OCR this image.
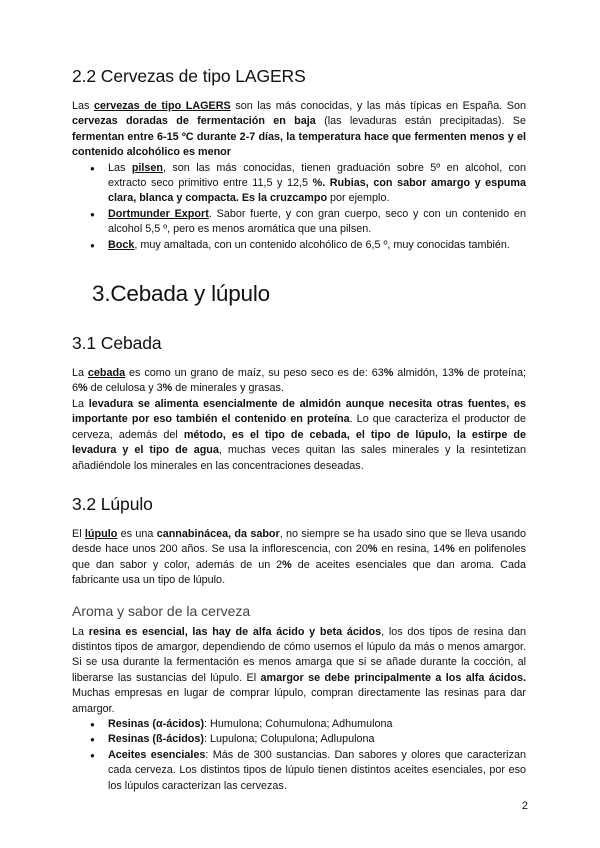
2.2 Cervezas de tipo LAGERS

Las cervezas de tipo LAGERS son las más conocidas, y las más típicas en España. Son cervezas doradas de fermentación en baja (las levaduras están precipitadas). Se fermentan entre 6-15 ºC durante 2-7 días, la temperatura hace que fermenten menos y el contenido alcohólico es menor

● Las pilsen, son las más conocidas, tienen graduación sobre 5º en alcohol, con extracto seco primitivo entre 11,5 y 12,5 %. Rubias, con sabor amargo y espuma clara, blanca y compacta. Es la cruzcampo por ejemplo.
● Dortmunder Export. Sabor fuerte, y con gran cuerpo, seco y con un contenido en alcohol 5,5 º, pero es menos aromática que una pilsen.
● Bock, muy amaltada, con un contenido alcohólico de 6,5 º, muy conocidas también.
3.Cebada y lúpulo
3.1 Cebada

La cebada es como un grano de maíz, su peso seco es de: 63% almidón, 13% de proteína; 6% de celulosa y 3% de minerales y grasas.

La levadura se alimenta esencialmente de almidón aunque necesita otras fuentes, es importante por eso también el contenido en proteína. Lo que caracteriza el productor de cerveza, además del método, es el tipo de cebada, el tipo de lúpulo, la estirpe de levadura y el tipo de agua, muchas veces quitan las sales minerales y la resintetizan añadiéndole los minerales en las concentraciones deseadas.

3.2 Lúpulo

El lúpulo es una cannabinácea, da sabor, no siempre se ha usado sino que se lleva usando desde hace unos 200 años. Se usa la inflorescencia, con 20% en resina, 14% en polifenoles que dan sabor y color, además de un 2% de aceites esenciales que dan aroma. Cada fabricante usa un tipo de lúpulo.

Aroma y sabor de la cerveza

La resina es esencial, las hay de alfa ácido y beta ácidos, los dos tipos de resina dan distintos tipos de amargor, dependiendo de cómo usemos el lúpulo da más o menos amargor. Si se usa durante la fermentación es menos amarga que si se añade durante la cocción, al liberarse las sustancias del lúpulo. El amargor se debe principalmente a los alfa ácidos. Muchas empresas en lugar de comprar lúpulo, compran directamente las resinas para dar amargor.

● Resinas (α-ácidos): Humulona; Cohumulona; Adhumulona
● Resinas (ß-ácidos): Lupulona; Colupulona; Adlupulona
● Aceites esenciales: Más de 300 sustancias. Dan sabores y olores que caracterizan cada cerveza. Los distintos tipos de lúpulo tienen distintos aceites esenciales, por eso los lúpulos caracterizan las cervezas.
2
